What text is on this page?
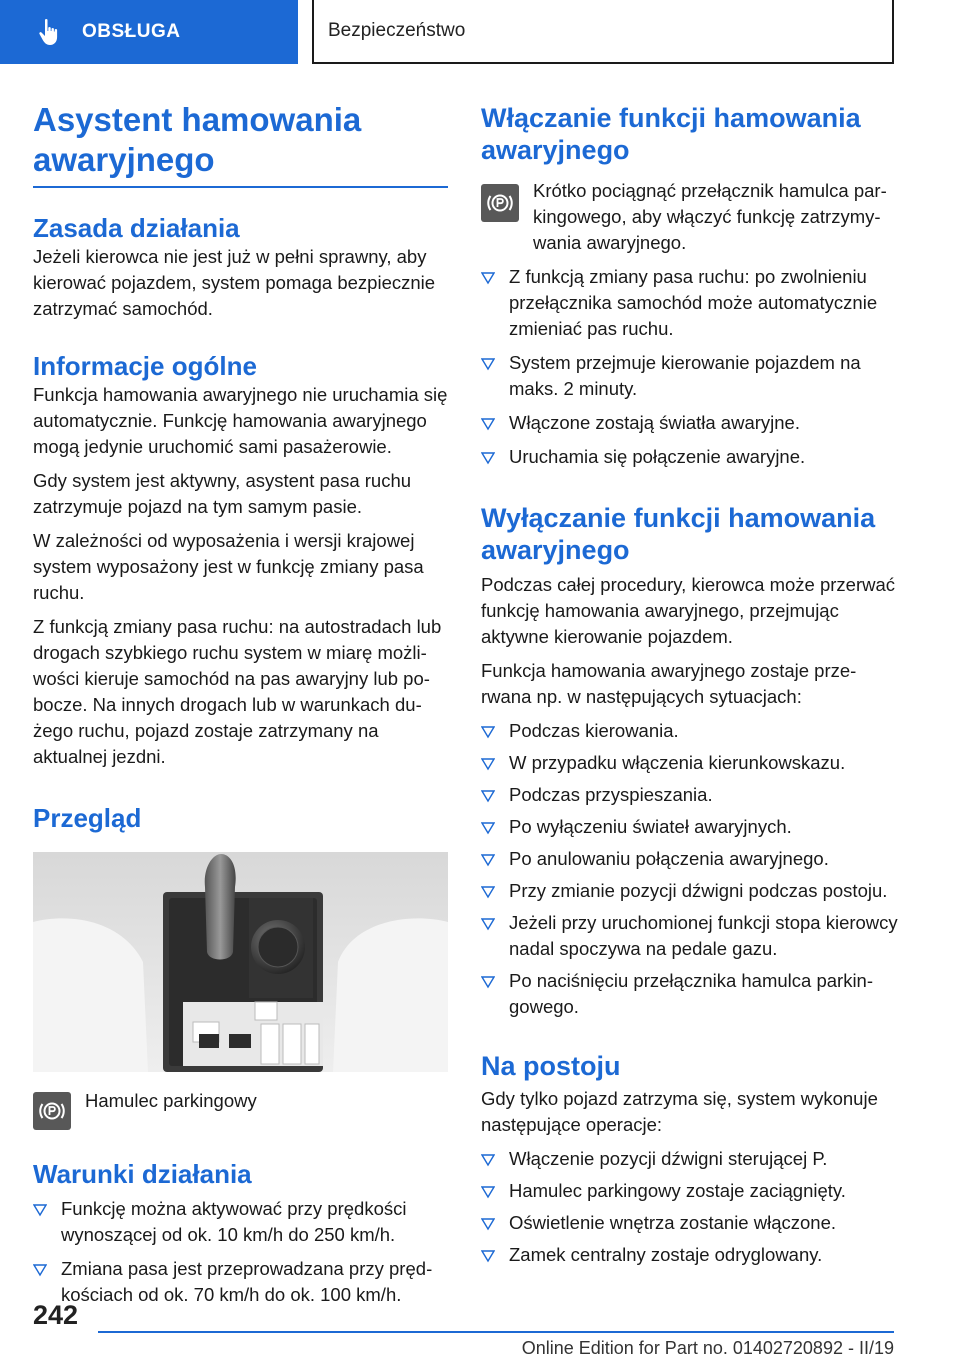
OBSŁUGA	Bezpieczeństwo
Asystent hamowania awaryjnego
Zasada działania

Jeżeli kierowca nie jest już w pełni sprawny, aby kierować pojazdem, system pomaga bezpiecznie zatrzymać samochód.

Informacje ogólne

Funkcja hamowania awaryjnego nie uruchamia się automatycznie. Funkcję hamowania awaryjnego mogą jedynie uruchomić sami pasażerowie.

Gdy system jest aktywny, asystent pasa ruchu zatrzymuje pojazd na tym samym pasie.

W zależności od wyposażenia i wersji krajowej system wyposażony jest w funkcję zmiany pasa ruchu.

Z funkcją zmiany pasa ruchu: na autostradach lub drogach szybkiego ruchu system w miarę możliwości kieruje samochód na pas awaryjny lub pobocze. Na innych drogach lub w warunkach dużego ruchu, pojazd zostaje zatrzymany na aktualnej jezdni.

Przegląd

Hamulec parkingowy

Warunki działania
Funkcję można aktywować przy prędkości wynoszącej od ok. 10 km/h do 250 km/h.
Zmiana pasa jest przeprowadzana przy prędkościach od ok. 70 km/h do ok. 100 km/h.
Włączanie funkcji hamowania awaryjnego

Krótko pociągnąć przełącznik hamulca parkingowego, aby włączyć funkcję zatrzymywania awaryjnego.

Z funkcją zmiany pasa ruchu: po zwolnieniu przełącznika samochód może automatycznie zmieniać pas ruchu.
System przejmuje kierowanie pojazdem na maks. 2 minuty.
Włączone zostają światła awaryjne.
Uruchamia się połączenie awaryjne.
Wyłączanie funkcji hamowania awaryjnego

Podczas całej procedury, kierowca może przerwać funkcję hamowania awaryjnego, przejmując aktywne kierowanie pojazdem.

Funkcja hamowania awaryjnego zostaje przerwana np. w następujących sytuacjach:

Podczas kierowania.
W przypadku włączenia kierunkowskazu.
Podczas przyspieszania.
Po wyłączeniu świateł awaryjnych.
Po anulowaniu połączenia awaryjnego.
Przy zmianie pozycji dźwigni podczas postoju.
Jeżeli przy uruchomionej funkcji stopa kierowcy nadal spoczywa na pedale gazu.
Po naciśnięciu przełącznika hamulca parkingowego.
Na postoju

Gdy tylko pojazd zatrzyma się, system wykonuje następujące operacje:

Włączenie pozycji dźwigni sterującej P.
Hamulec parkingowy zostaje zaciągnięty.
Oświetlenie wnętrza zostanie włączone.
Zamek centralny zostaje odryglowany.
242
Online Edition for Part no. 01402720892 - II/19
